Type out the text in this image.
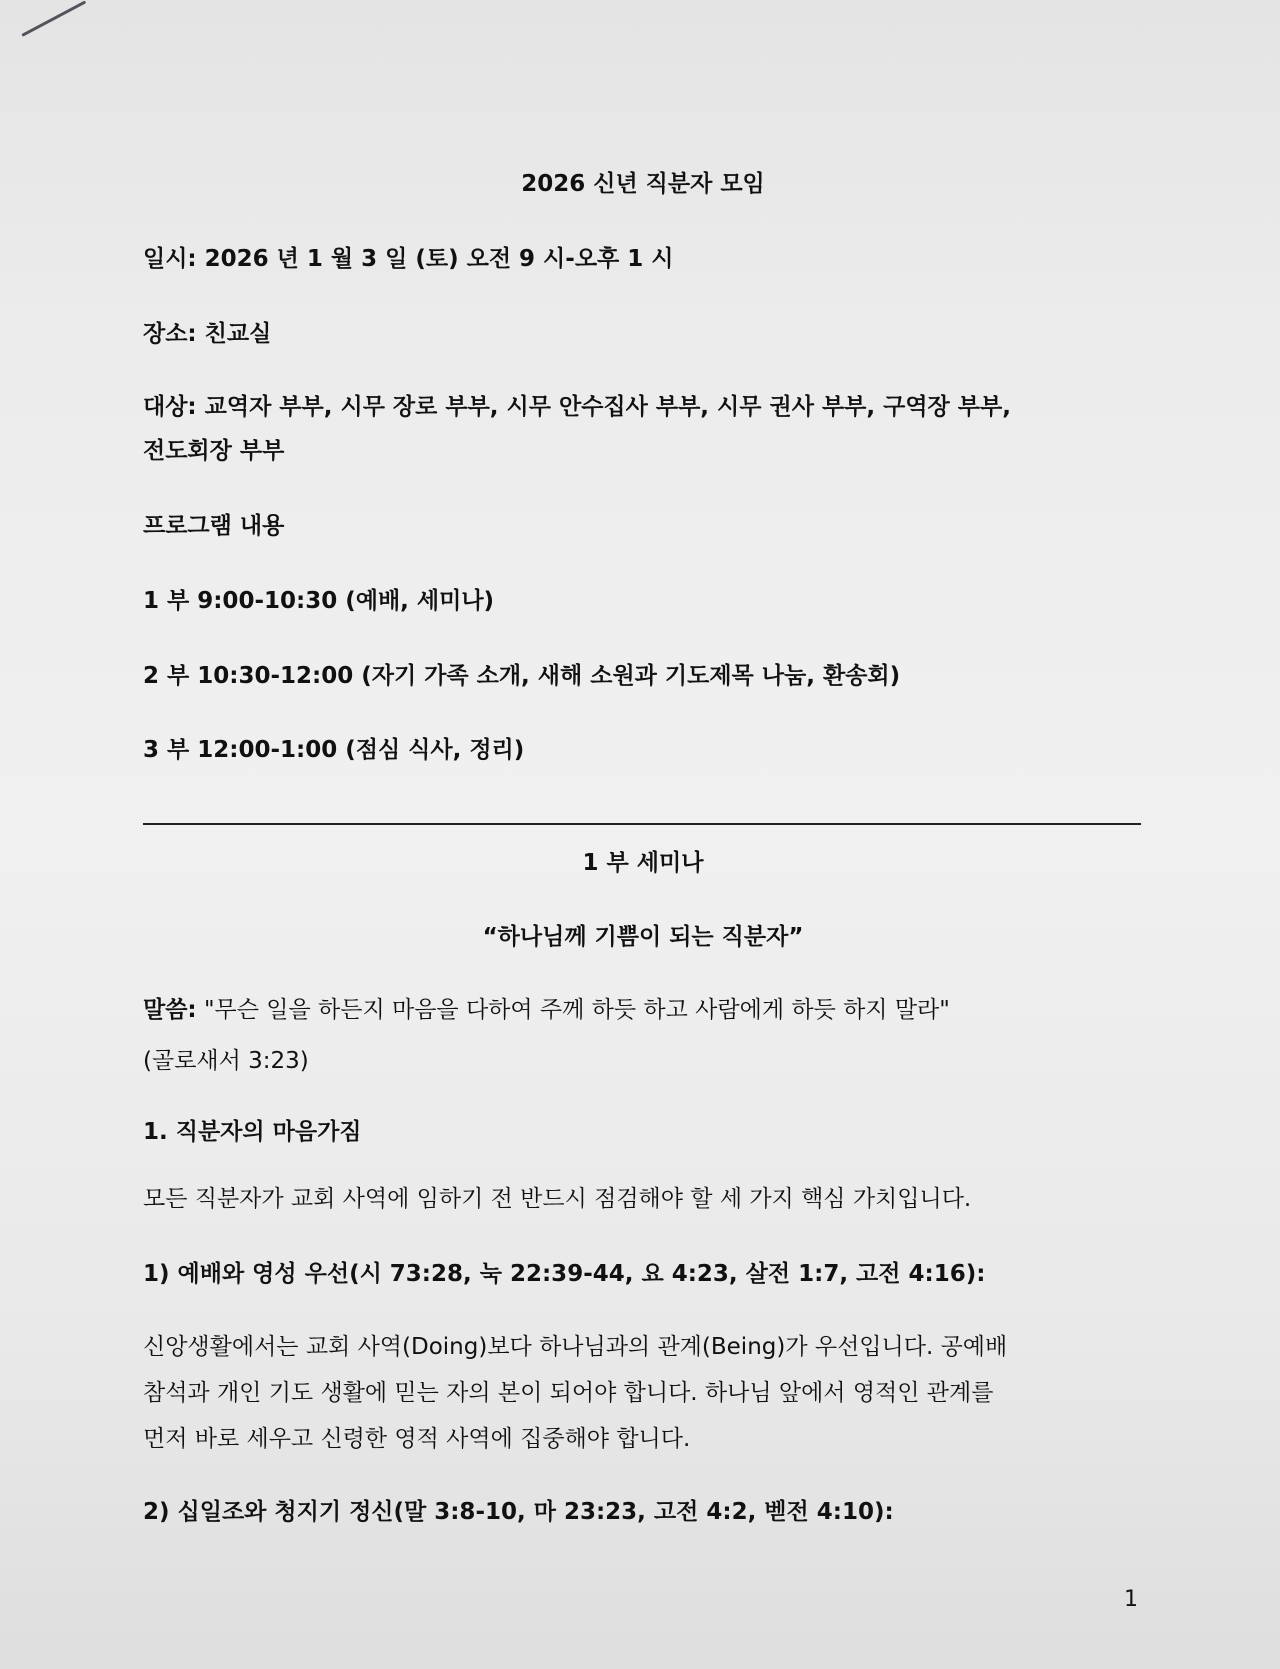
2026 신년 직분자 모임
일시: 2026 년 1 월 3 일 (토) 오전 9 시-오후 1 시
장소: 친교실
대상: 교역자 부부, 시무 장로 부부, 시무 안수집사 부부, 시무 권사 부부, 구역장 부부,
전도회장 부부
프로그램 내용
1 부 9:00-10:30 (예배, 세미나)
2 부 10:30-12:00 (자기 가족 소개, 새해 소원과 기도제목 나눔, 환송회)
3 부 12:00-1:00 (점심 식사, 정리)
1 부 세미나
“하나님께 기쁨이 되는 직분자”
말씀: "무슨 일을 하든지 마음을 다하여 주께 하듯 하고 사람에게 하듯 하지 말라"
(골로새서 3:23)
1. 직분자의 마음가짐
모든 직분자가 교회 사역에 임하기 전 반드시 점검해야 할 세 가지 핵심 가치입니다.
1) 예배와 영성 우선(시 73:28, 눅 22:39-44, 요 4:23, 살전 1:7, 고전 4:16):
신앙생활에서는 교회 사역(Doing)보다 하나님과의 관계(Being)가 우선입니다. 공예배
참석과 개인 기도 생활에 믿는 자의 본이 되어야 합니다. 하나님 앞에서 영적인 관계를
먼저 바로 세우고 신령한 영적 사역에 집중해야 합니다.
2) 십일조와 청지기 정신(말 3:8-10, 마 23:23, 고전 4:2, 벧전 4:10):
1
